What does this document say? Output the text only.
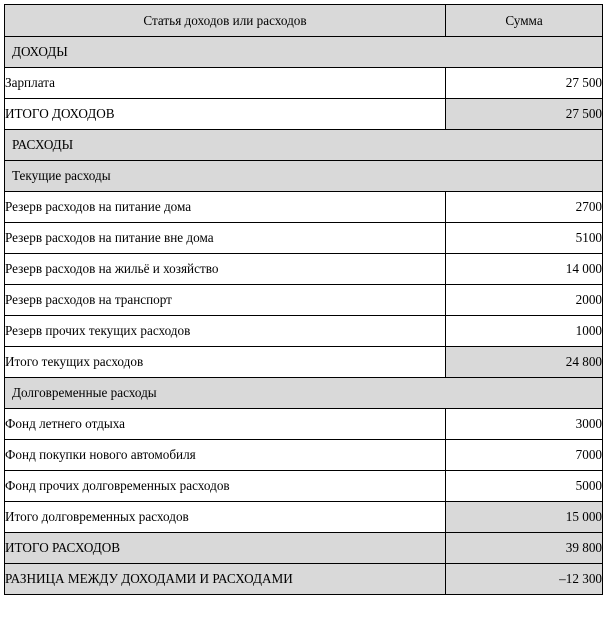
Статья доходов или расходов	Сумма
ДОХОДЫ	
Зарплата	27 500
ИТОГО ДОХОДОВ	27 500
РАСХОДЫ	
Текущие расходы	
Резерв расходов на питание дома	2700
Резерв расходов на питание вне дома	5100
Резерв расходов на жильё и хозяйство	14 000
Резерв расходов на транспорт	2000
Резерв прочих текущих расходов	1000
Итого текущих расходов	24 800
Долговременные расходы	
Фонд летнего отдыха	3000
Фонд покупки нового автомобиля	7000
Фонд прочих долговременных расходов	5000
Итого долговременных расходов	15 000
ИТОГО РАСХОДОВ	39 800
РАЗНИЦА МЕЖДУ ДОХОДАМИ И РАСХОДАМИ	–12 300
